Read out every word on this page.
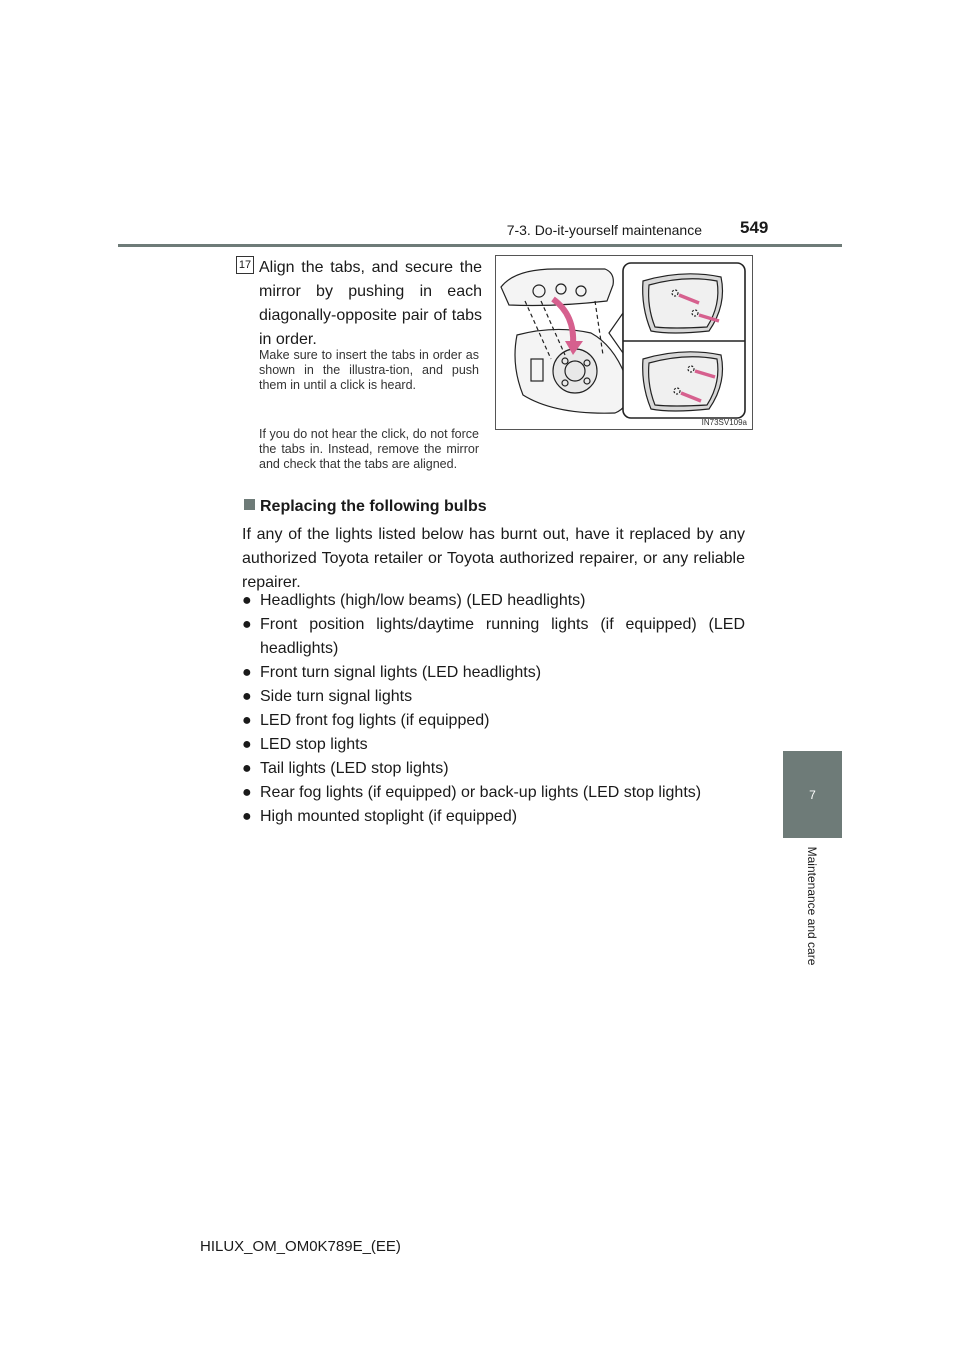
7-3. Do-it-yourself maintenance 549
7
Maintenance and care
17 Align the tabs, and secure the mirror by pushing in each diagonally-opposite pair of tabs in order.
Make sure to insert the tabs in order as shown in the illustra-tion, and push them in until a click is heard.
If you do not hear the click, do not force the tabs in. Instead, remove the mirror and check that the tabs are aligned.
IN73SV109a
Replacing the following bulbs
If any of the lights listed below has burnt out, have it replaced by any authorized Toyota retailer or Toyota authorized repairer, or any reliable repairer.
● Headlights (high/low beams) (LED headlights)
● Front position lights/daytime running lights (if equipped) (LED headlights)
● Front turn signal lights (LED headlights)
● Side turn signal lights
● LED front fog lights (if equipped)
● LED stop lights
● Tail lights (LED stop lights)
● Rear fog lights (if equipped) or back-up lights (LED stop lights)
● High mounted stoplight (if equipped)
HILUX_OM_OM0K789E_(EE)
